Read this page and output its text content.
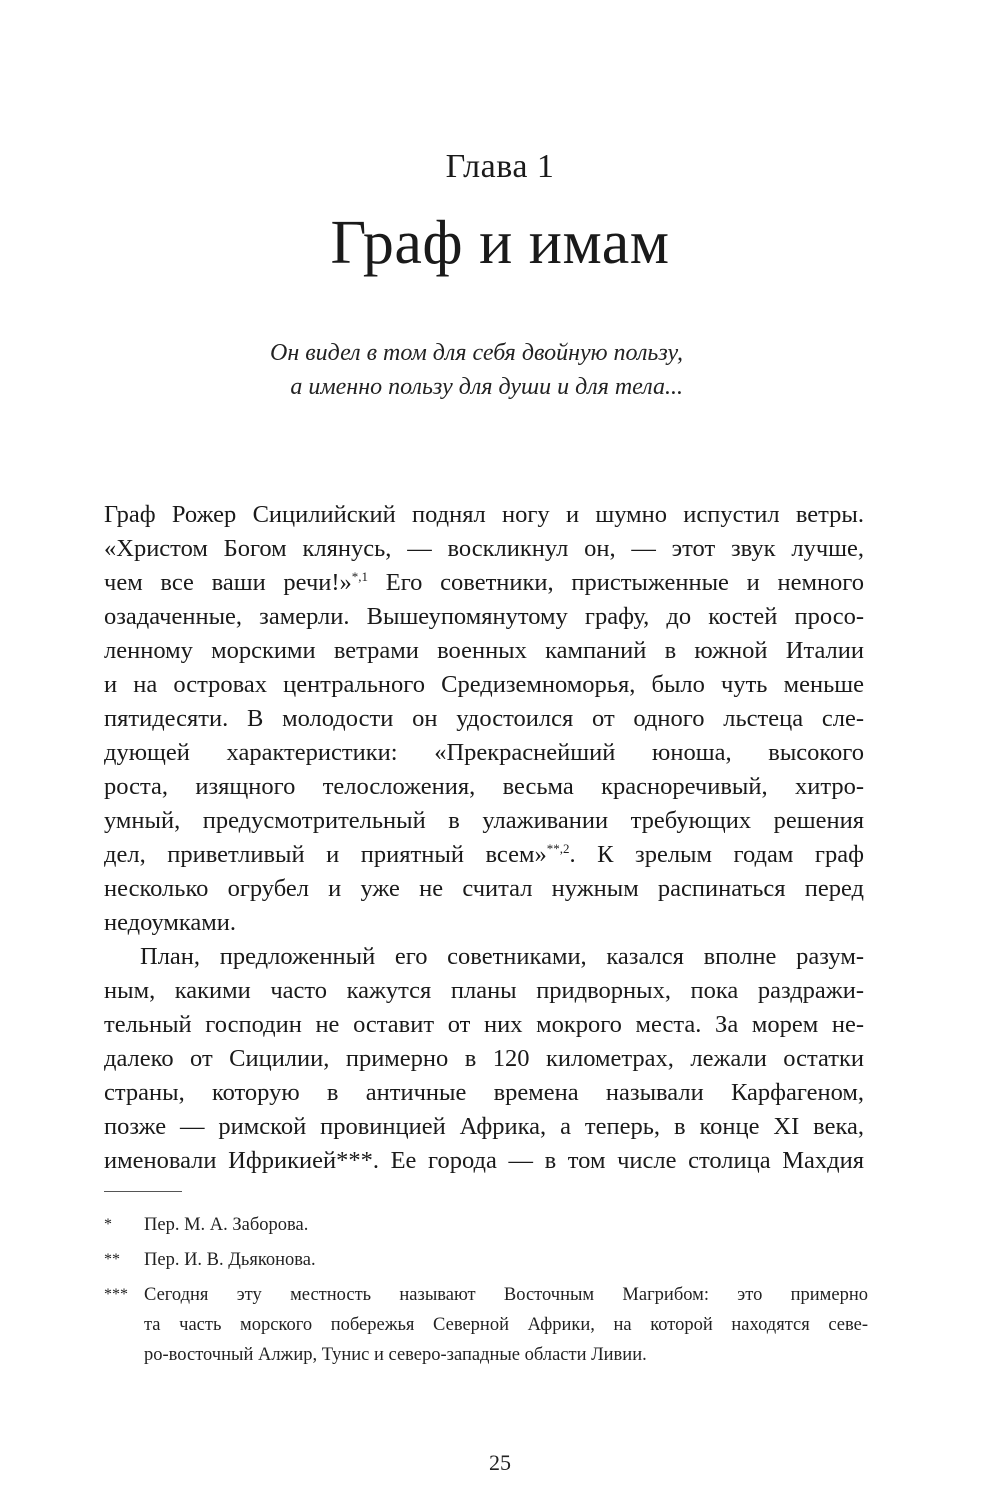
Глава 1
Граф и имам
Он видел в том для себя двойную пользу,
а именно пользу для души и для тела...
Граф Рожер Сицилийский поднял ногу и шумно испустил ветры.
«Христом Богом клянусь, — воскликнул он, — этот звук лучше,
чем все ваши речи!»$^{*,1}$ Его советники, пристыженные и немного
озадаченные, замерли. Вышеупомянутому графу, до костей просо-
ленному морскими ветрами военных кампаний в южной Италии
и на островах центрального Средиземноморья, было чуть меньше
пятидесяти. В молодости он удостоился от одного льстеца сле-
дующей характеристики: «Прекраснейший юноша, высокого
роста, изящного телосложения, весьма красноречивый, хитро-
умный, предусмотрительный в улаживании требующих решения
дел, приветливый и приятный всем»$^{**,2}$. К зрелым годам граф
несколько огрубел и уже не считал нужным распинаться перед
недоумками.
План, предложенный его советниками, казался вполне разум-
ным, какими часто кажутся планы придворных, пока раздражи-
тельный господин не оставит от них мокрого места. За морем не-
далеко от Сицилии, примерно в 120 километрах, лежали остатки
страны, которую в античные времена называли Карфагеном,
позже — римской провинцией Африка, а теперь, в конце XI века,
именовали Ифрикией***. Ее города — в том числе столица Махдия
* Пер. М. А. Заборова.
** Пер. И. В. Дьяконова.
*** Сегодня эту местность называют Восточным Магрибом: это примерно
та часть морского побережья Северной Африки, на которой находятся севе-
ро-восточный Алжир, Тунис и северо-западные области Ливии.
25
